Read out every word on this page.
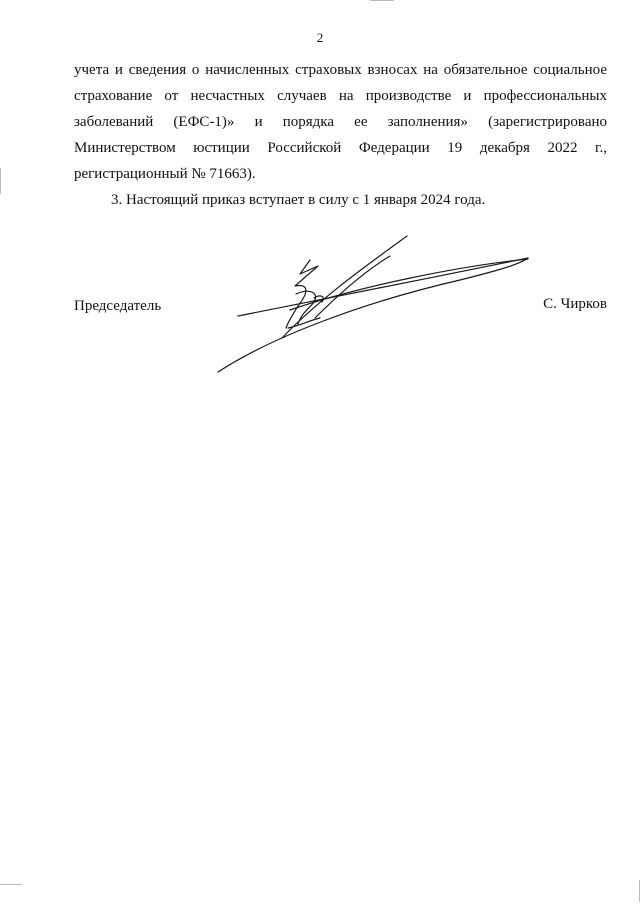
2
учета и сведения о начисленных страховых взносах на обязательное социальное
страхование от несчастных случаев на производстве и профессиональных
заболеваний (ЕФС-1)» и порядка ее заполнения» (зарегистрировано
Министерством юстиции Российской Федерации 19 декабря 2022 г.,
регистрационный № 71663).
3. Настоящий приказ вступает в силу с 1 января 2024 года.
Председатель	С. Чирков
